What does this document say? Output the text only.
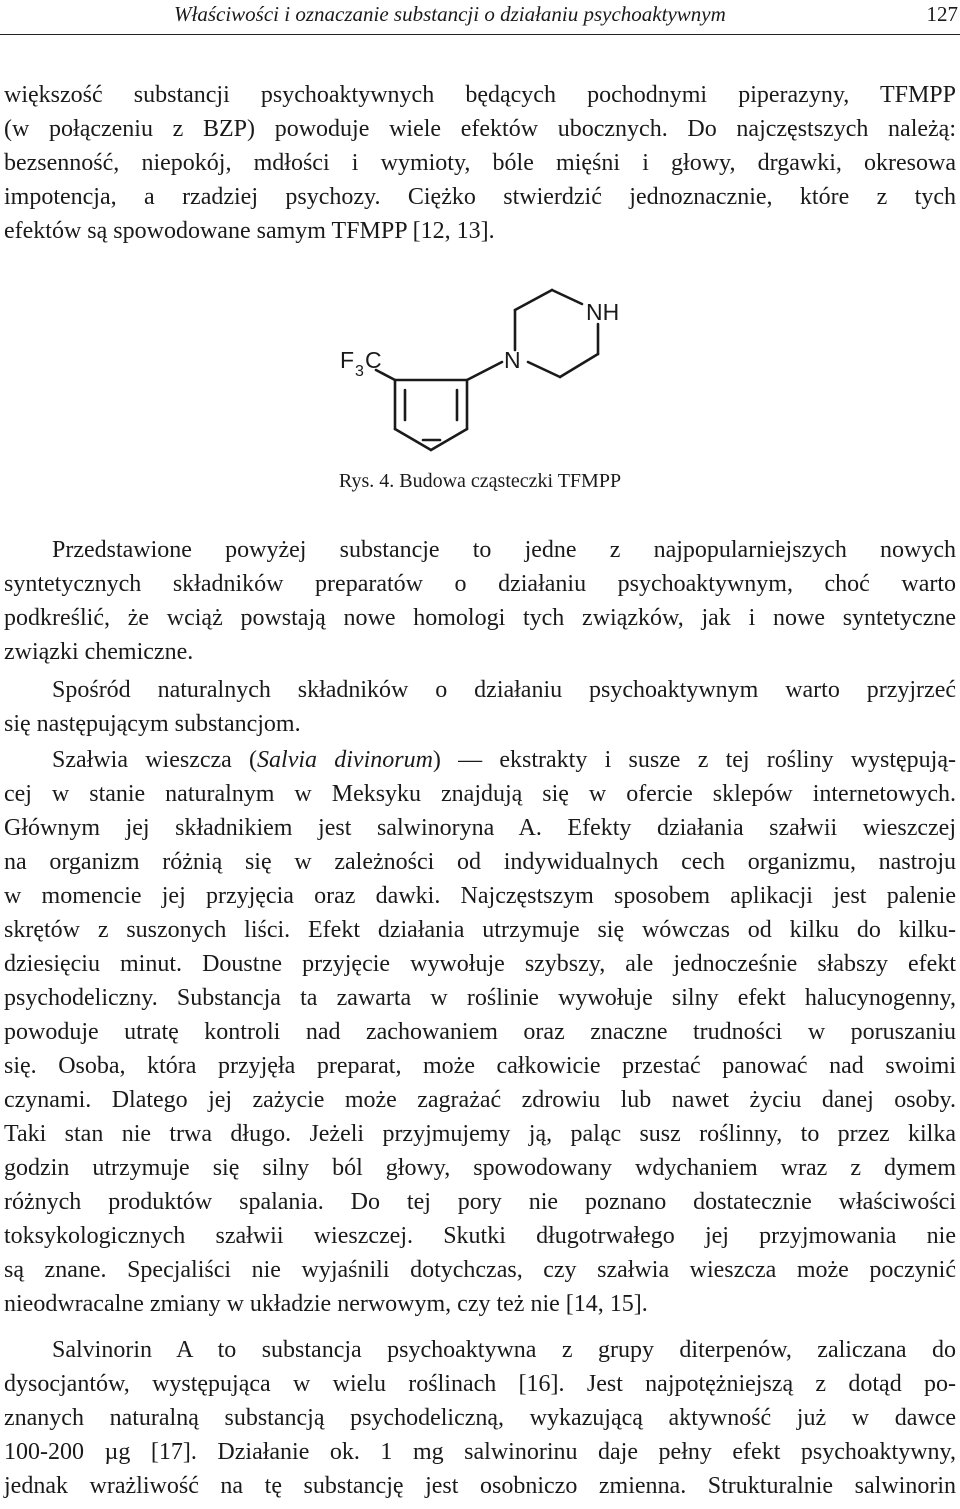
Właściwości i oznaczanie substancji o działaniu psychoaktywnym	127
większość substancji psychoaktywnych będących pochodnymi piperazyny, TFMPP
(w połączeniu z BZP) powoduje wiele efektów ubocznych. Do najczęstszych należą:
bezsenność, niepokój, mdłości i wymioty, bóle mięśni i głowy, drgawki, okresowa
impotencja, a rzadziej psychozy. Ciężko stwierdzić jednoznacznie, które z tych
efektów są spowodowane samym TFMPP [12, 13].
NH
N
F 3 C
Rys. 4. Budowa cząsteczki TFMPP
Przedstawione powyżej substancje to jedne z najpopularniejszych nowych
syntetycznych składników preparatów o działaniu psychoaktywnym, choć warto
podkreślić, że wciąż powstają nowe homologi tych związków, jak i nowe syntetyczne
związki chemiczne.
Spośród naturalnych składników o działaniu psychoaktywnym warto przyjrzeć
się następującym substancjom.
Szałwia wieszcza (Salvia divinorum) — ekstrakty i susze z tej rośliny występują-
cej w stanie naturalnym w Meksyku znajdują się w ofercie sklepów internetowych.
Głównym jej składnikiem jest salwinoryna A. Efekty działania szałwii wieszczej
na organizm różnią się w zależności od indywidualnych cech organizmu, nastroju
w momencie jej przyjęcia oraz dawki. Najczęstszym sposobem aplikacji jest palenie
skrętów z suszonych liści. Efekt działania utrzymuje się wówczas od kilku do kilku-
dziesięciu minut. Doustne przyjęcie wywołuje szybszy, ale jednocześnie słabszy efekt
psychodeliczny. Substancja ta zawarta w roślinie wywołuje silny efekt halucynogenny,
powoduje utratę kontroli nad zachowaniem oraz znaczne trudności w poruszaniu
się. Osoba, która przyjęła preparat, może całkowicie przestać panować nad swoimi
czynami. Dlatego jej zażycie może zagrażać zdrowiu lub nawet życiu danej osoby.
Taki stan nie trwa długo. Jeżeli przyjmujemy ją, paląc susz roślinny, to przez kilka
godzin utrzymuje się silny ból głowy, spowodowany wdychaniem wraz z dymem
różnych produktów spalania. Do tej pory nie poznano dostatecznie właściwości
toksykologicznych szałwii wieszczej. Skutki długotrwałego jej przyjmowania nie
są znane. Specjaliści nie wyjaśnili dotychczas, czy szałwia wieszcza może poczynić
nieodwracalne zmiany w układzie nerwowym, czy też nie [14, 15].
Salvinorin A to substancja psychoaktywna z grupy diterpenów, zaliczana do
dysocjantów, występująca w wielu roślinach [16]. Jest najpotężniejszą z dotąd po-
znanych naturalną substancją psychodeliczną, wykazującą aktywność już w dawce
100-200 µg [17]. Działanie ok. 1 mg salwinorinu daje pełny efekt psychoaktywny,
jednak wrażliwość na tę substancję jest osobniczo zmienna. Strukturalnie salwinorin
